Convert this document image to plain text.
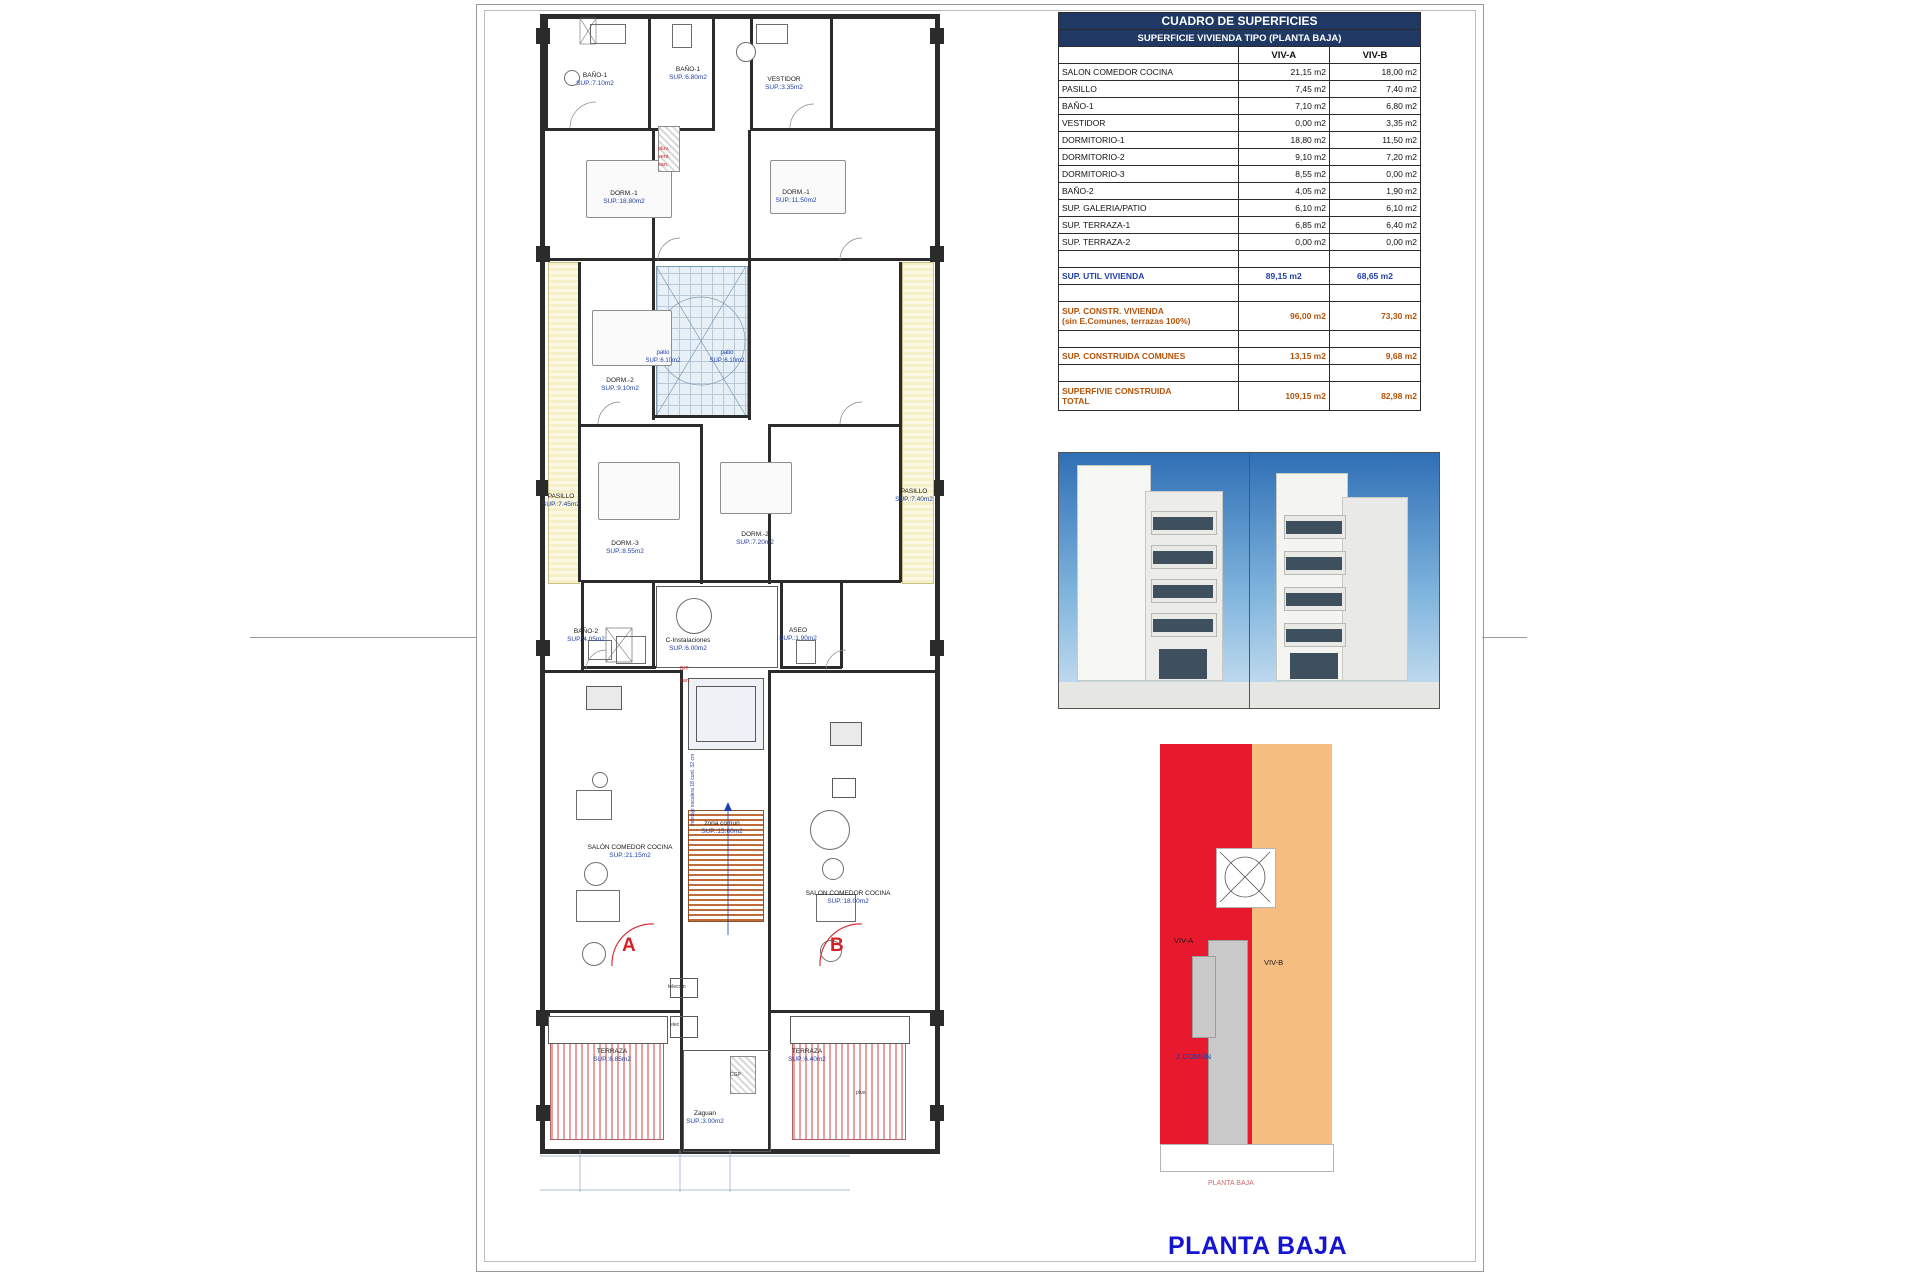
BAÑO-1
SUP.:7.10m2
BAÑO-1
SUP.:6.80m2	VESTIDOR
SUP.:3.35m2
DORM.-1
SUP.:18.80m2
DORM.-1
SUP.:11.50m2
DORM.-2
SUP.:9.10m2
DORM.-2
SUP.:7.20m2
DORM.-3
SUP.:8.55m2
PASILLO
SUP.:7.45m2
PASILLO
SUP.:7.40m2
BAÑO-2
SUP.:4.05m2
ASEO
SUP.:1.90m2
C-Instalaciones
SUP.:6.00m2
SALÓN COMEDOR COCINA
SUP.:21.15m2
SALON COMEDOR COCINA
SUP.:18.00m2
zona comun
SUP.:15.60m2
TERRAZA
SUP.:6.85m2
TERRAZA
SUP.:6.40m2
Zaguan
SUP.:3.00m2
patio
SUP.:6.10m2
patio
SUP.:6.10m2
pluv.
vent.
san.
telecom
elec
CGP
pluv.
B/T
san.
montaje escalera 18 cont. 32 cm
A	B
CUADRO DE SUPERFICIES		
SUPERFICIE VIVIENDA TIPO (PLANTA BAJA)		
	VIV-A	VIV-B
SALON COMEDOR COCINA	21,15 m2	18,00 m2
PASILLO	7,45 m2	7,40 m2
BAÑO-1	7,10 m2	6,80 m2
VESTIDOR	0,00 m2	3,35 m2
DORMITORIO-1	18,80 m2	11,50 m2
DORMITORIO-2	9,10 m2	7,20 m2
DORMITORIO-3	8,55 m2	0,00 m2
BAÑO-2	4,05 m2	1,90 m2
SUP. GALERIA/PATIO	6,10 m2	6,10 m2
SUP. TERRAZA-1	6,85 m2	6,40 m2
SUP. TERRAZA-2	0,00 m2	0,00 m2

SUP. UTIL VIVIENDA	89,15 m2	68,65 m2

SUP. CONSTR. VIVIENDA
(sin E.Comunes, terrazas 100%)	96,00 m2	73,30 m2

SUP. CONSTRUIDA COMUNES	13,15 m2	9,68 m2

SUPERFIVIE CONSTRUIDA
TOTAL	109,15 m2	82,98 m2
VIV-A
VIV-B
Z.COMÚN
PLANTA BAJA
PLANTA BAJA
